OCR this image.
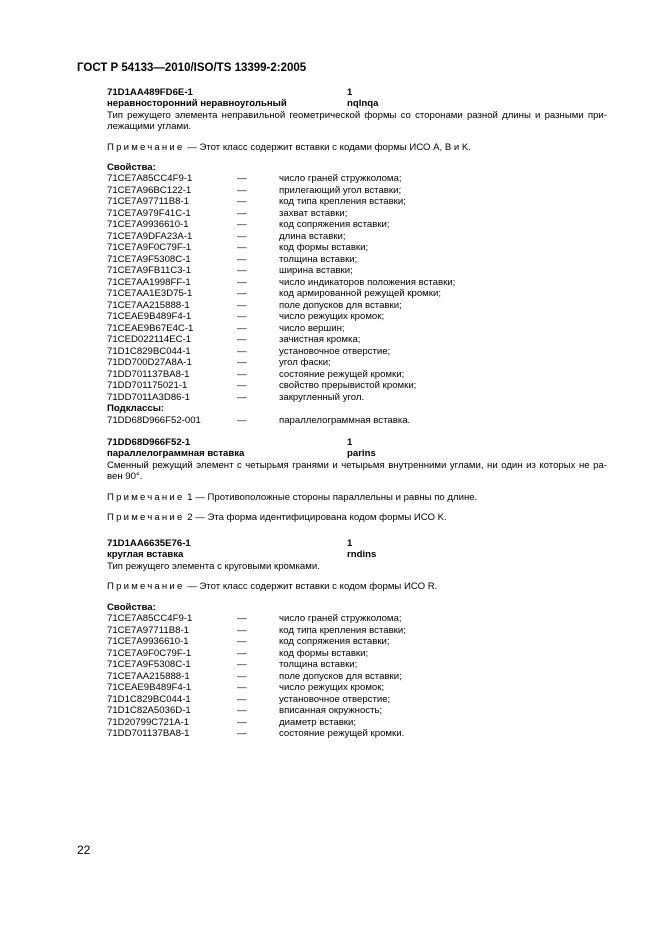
ГОСТ Р 54133—2010/ISO/TS 13399-2:2005
71D1AA489FD6E-1	1
неравносторонний неравноугольный	nqlnqa
Тип режущего элемента неправильной геометрической формы со сторонами разной длины и разными при-лежащими углами.
Примечание — Этот класс содержит вставки с кодами формы ИСО А, В и K.
Свойства:
71CE7A85CC4F9-1	—	число граней стружколома;
71CE7A96BC122-1	—	прилегающий угол вставки;
71CE7A97711B8-1	—	код типа крепления вставки;
71CE7A979F41C-1	—	захват вставки;
71CE7A9936610-1	—	код сопряжения вставки;
71CE7A9DFA23A-1	—	длина вставки;
71CE7A9F0C79F-1	—	код формы вставки;
71CE7A9F5308C-1	—	толщина вставки;
71CE7A9FB11C3-1	—	ширина вставки;
71CE7AA1998FF-1	—	число индикаторов положения вставки;
71CE7AA1E3D75-1	—	код армированной режущей кромки;
71CE7AA215888-1	—	поле допусков для вставки;
71CEAE9B489F4-1	—	число режущих кромок;
71CEAE9B67E4C-1	—	число вершин;
71CED022114EC-1	—	зачистная кромка;
71D1C829BC044-1	—	установочное отверстие;
71DD700D27A8A-1	—	угол фаски;
71DD701137BA8-1	—	состояние режущей кромки;
71DD701175021-1	—	свойство прерывистой кромки;
71DD7011A3D86-1	—	закругленный угол.
Подклассы:
71DD68D966F52-001	—	параллелограммная вставка.
71DD68D966F52-1	1
параллелограммная вставка	parins
Сменный режущий элемент с четырьмя гранями и четырьмя внутренними углами, ни один из которых не ра-вен 90°.
Примечание 1 — Противоположные стороны параллельны и равны по длине.
Примечание 2 — Эта форма идентифицирована кодом формы ИСО K.
71D1AA6635E76-1	1
круглая вставка	rndins
Тип режущего элемента с круговыми кромками.
Примечание — Этот класс содержит вставки с кодом формы ИСО R.
Свойства:
71CE7A85CC4F9-1	—	число граней стружколома;
71CE7A97711B8-1	—	код типа крепления вставки;
71CE7A9936610-1	—	код сопряжения вставки;
71CE7A9F0C79F-1	—	код формы вставки;
71CE7A9F5308C-1	—	толщина вставки;
71CE7AA215888-1	—	поле допусков для вставки;
71CEAE9B489F4-1	—	число режущих кромок;
71D1C829BC044-1	—	установочное отверстие;
71D1C82A5036D-1	—	вписанная окружность;
71D20799C721A-1	—	диаметр вставки;
71DD701137BA8-1	—	состояние режущей кромки.
22
